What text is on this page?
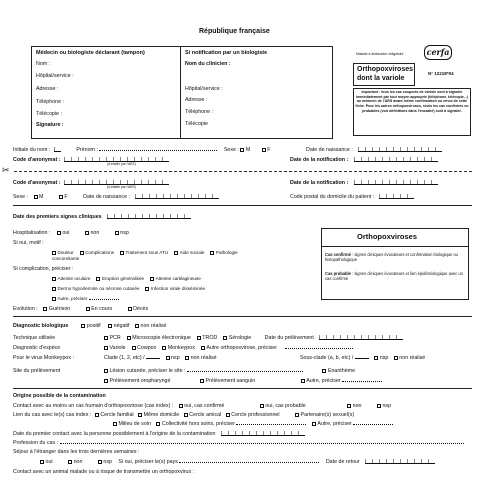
République française
Médecin ou biologiste déclarant (tampon)
Nom :
Hôpital/service :
Adresse :
Téléphone :
Télécopie :
Signature :
Si notification par un biologiste
Nom du clinicien :
Hôpital/service :
Adresse :
Téléphone :
Télécopie
Maladie à déclaration obligatoire	cerfa
Orthopoxviroses
dont la variole
N° 12218*04
Important : tous les cas suspects de variole sont à signaler immédiatement par tout moyen approprié (téléphone, télécopie...) au médecin de l'ARS avant même confirmation ou envoi de cette fiche. Pour les autres orthopoxviroses, seuls les cas confirmés ou probables (voir définitions dans l'encadré) sont à signaler.
Initiale du nom :	Prénom :	Sexe : M	F	Date de naissance :
Code d'anonymat :
(A établir par l'ARS)
Date de la notification :
✂
Code d'anonymat :
(A établir par l'ARS)
Date de la notification :
Sexe : M	F	Date de naissance :	Code postal du domicile du patient :
Date des premiers signes cliniques
Hospitalisation : oui	non	nsp
Si oui, motif :
Douleur	Complications	Traitement sous ATU	Aide sociale	Pathologie
concomitante
Si complication, préciser :
Atteinte oculaire	Eruption généralisée	Atteinte cartilagineuse
Dermo hypodermite ou nécrose cutanée	Infection virale disséminée
Autre, préciser
Evolution : Guérison	En cours	Décès
Orthopoxviroses
Cas confirmé : signes cliniques évocateurs et confirmation biologique ou histopathologique
Cas probable : signes cliniques évocateurs et lien épidémiologique avec un cas confirmé
Diagnostic biologique	positif négatif non réalisé
Technique utilisée	PCR Microscopie électronique TROD Sérologie	Date du prélèvement
Diagnostic d'espèce	Variole Cowpox Monkeypox Autre orthopoxvirose, préciser
Pour le virus Monkeypox :	Clade (1, 2, etc) /	nsp non réalisé	Sous-clade (a, b, etc) /	nsp non réalisé
Site du prélèvement	Lésion cutanée, préciser le site :	Enanthème
Prélèvement oropharyngé	Prélèvement sanguin	Autre, préciser
Origine possible de la contamination
Contact avec au moins un cas humain d'orthopoxvirose (cas index) : oui, cas confirmé	oui, cas probable	non	nsp
Lien du cas avec le(s) cas index : Cercle familial Même domicile Cercle amical Cercle professionnel	Partenaire(s) sexuel(s)
Milieu de soin Collectivité hors soins, préciser	Autre, préciser
Date du premier contact avec la personne possiblement à l'origine de la contamination
Profession du cas :
Séjour à l'étranger dans les trois dernières semaines :
oui	non	nsp Si oui, préciser le(s) pays	Date de retour
Contact avec un animal malade ou à risque de transmettre un orthopoxvirus :
